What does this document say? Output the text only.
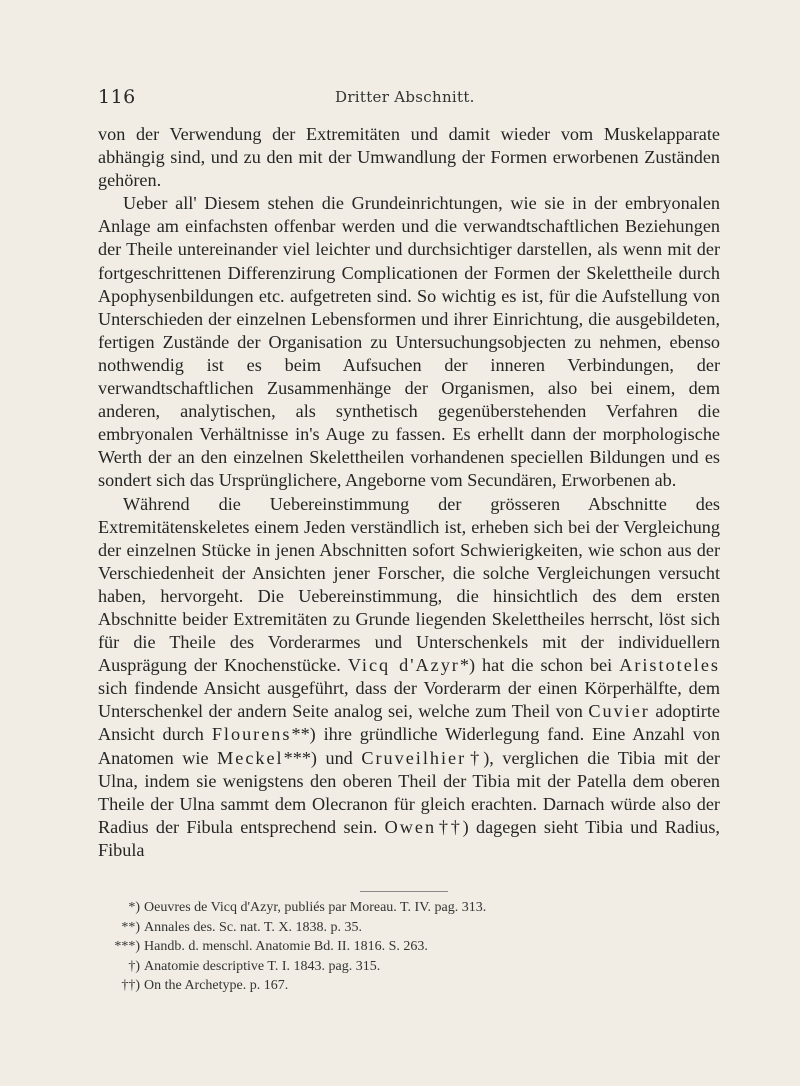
116	Dritter Abschnitt.

von der Verwendung der Extremitäten und damit wieder vom Muskelapparate abhängig sind, und zu den mit der Umwandlung der Formen erworbenen Zuständen gehören.

Ueber all' Diesem stehen die Grundeinrichtungen, wie sie in der embryonalen Anlage am einfachsten offenbar werden und die verwandtschaftlichen Beziehungen der Theile untereinander viel leichter und durchsichtiger darstellen, als wenn mit der fortgeschrittenen Differenzirung Complicationen der Formen der Skelettheile durch Apophysenbildungen etc. aufgetreten sind. So wichtig es ist, für die Aufstellung von Unterschieden der einzelnen Lebensformen und ihrer Einrichtung, die ausgebildeten, fertigen Zustände der Organisation zu Untersuchungsobjecten zu nehmen, ebenso nothwendig ist es beim Aufsuchen der inneren Verbindungen, der verwandtschaftlichen Zusammenhänge der Organismen, also bei einem, dem anderen, analytischen, als synthetisch gegenüberstehenden Verfahren die embryonalen Verhältnisse in's Auge zu fassen. Es erhellt dann der morphologische Werth der an den einzelnen Skelettheilen vorhandenen speciellen Bildungen und es sondert sich das Ursprünglichere, Angeborne vom Secundären, Erworbenen ab.

Während die Uebereinstimmung der grösseren Abschnitte des Extremitätenskeletes einem Jeden verständlich ist, erheben sich bei der Vergleichung der einzelnen Stücke in jenen Abschnitten sofort Schwierigkeiten, wie schon aus der Verschiedenheit der Ansichten jener Forscher, die solche Vergleichungen versucht haben, hervorgeht. Die Uebereinstimmung, die hinsichtlich des dem ersten Abschnitte beider Extremitäten zu Grunde liegenden Skelettheiles herrscht, löst sich für die Theile des Vorderarmes und Unterschenkels mit der individuellern Ausprägung der Knochenstücke. Vicq d'Azyr*) hat die schon bei Aristoteles sich findende Ansicht ausgeführt, dass der Vorderarm der einen Körperhälfte, dem Unterschenkel der andern Seite analog sei, welche zum Theil von Cuvier adoptirte Ansicht durch Flourens**) ihre gründliche Widerlegung fand. Eine Anzahl von Anatomen wie Meckel***) und Cruveilhier†), verglichen die Tibia mit der Ulna, indem sie wenigstens den oberen Theil der Tibia mit der Patella dem oberen Theile der Ulna sammt dem Olecranon für gleich erachten. Darnach würde also der Radius der Fibula entsprechend sein. Owen††) dagegen sieht Tibia und Radius, Fibula

*) Oeuvres de Vicq d'Azyr, publiés par Moreau. T. IV. pag. 313.
**) Annales des. Sc. nat. T. X. 1838. p. 35.
***) Handb. d. menschl. Anatomie Bd. II. 1816. S. 263.
†) Anatomie descriptive T. I. 1843. pag. 315.
††) On the Archetype. p. 167.
